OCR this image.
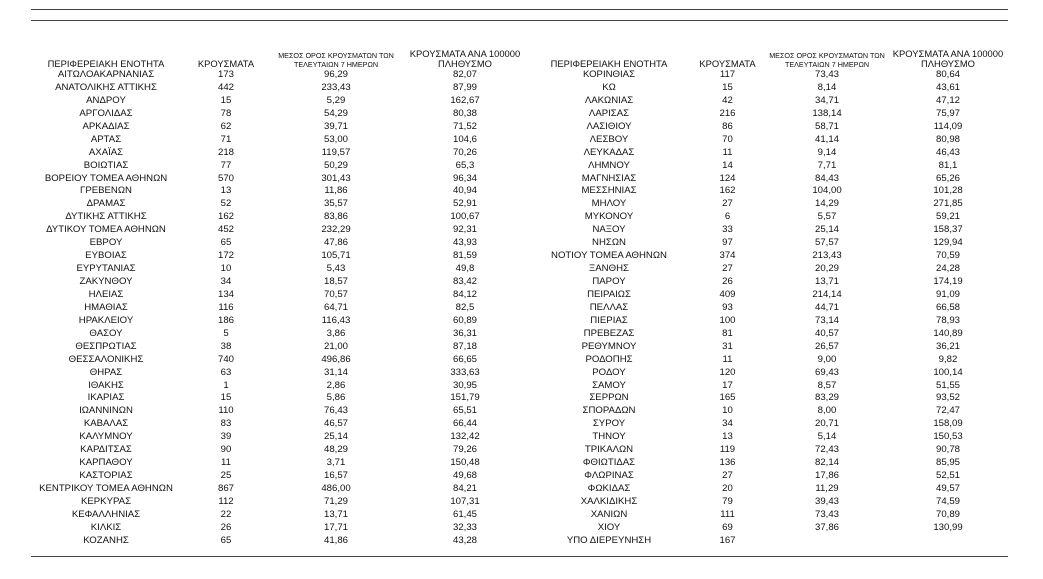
ΠΕΡΙΦΕΡΕΙΑΚΗ ΕΝΟΤΗΤΑ	ΚΡΟΥΣΜΑΤΑ	ΜΕΣΟΣ ΟΡΟΣ ΚΡΟΥΣΜΑΤΩΝ ΤΩΝ ΤΕΛΕΥΤΑΙΩΝ 7 ΗΜΕΡΩΝ	ΚΡΟΥΣΜΑΤΑ ΑΝΑ 100000 ΠΛΗΘΥΣΜΟ
ΑΙΤΩΛΟΑΚΑΡΝΑΝΙΑΣ	173	96,29	82,07
ΑΝΑΤΟΛΙΚΗΣ ΑΤΤΙΚΗΣ	442	233,43	87,99
ΑΝΔΡΟΥ	15	5,29	162,67
ΑΡΓΟΛΙΔΑΣ	78	54,29	80,38
ΑΡΚΑΔΙΑΣ	62	39,71	71,52
ΑΡΤΑΣ	71	53,00	104,6
ΑΧΑΪΑΣ	218	119,57	70,26
ΒΟΙΩΤΙΑΣ	77	50,29	65,3
ΒΟΡΕΙΟΥ ΤΟΜΕΑ ΑΘΗΝΩΝ	570	301,43	96,34
ΓΡΕΒΕΝΩΝ	13	11,86	40,94
ΔΡΑΜΑΣ	52	35,57	52,91
ΔΥΤΙΚΗΣ ΑΤΤΙΚΗΣ	162	83,86	100,67
ΔΥΤΙΚΟΥ ΤΟΜΕΑ ΑΘΗΝΩΝ	452	232,29	92,31
ΕΒΡΟΥ	65	47,86	43,93
ΕΥΒΟΙΑΣ	172	105,71	81,59
ΕΥΡΥΤΑΝΙΑΣ	10	5,43	49,8
ΖΑΚΥΝΘΟΥ	34	18,57	83,42
ΗΛΕΙΑΣ	134	70,57	84,12
ΗΜΑΘΙΑΣ	116	64,71	82,5
ΗΡΑΚΛΕΙΟΥ	186	116,43	60,89
ΘΑΣΟΥ	5	3,86	36,31
ΘΕΣΠΡΩΤΙΑΣ	38	21,00	87,18
ΘΕΣΣΑΛΟΝΙΚΗΣ	740	496,86	66,65
ΘΗΡΑΣ	63	31,14	333,63
ΙΘΑΚΗΣ	1	2,86	30,95
ΙΚΑΡΙΑΣ	15	5,86	151,79
ΙΩΑΝΝΙΝΩΝ	110	76,43	65,51
ΚΑΒΑΛΑΣ	83	46,57	66,44
ΚΑΛΥΜΝΟΥ	39	25,14	132,42
ΚΑΡΔΙΤΣΑΣ	90	48,29	79,26
ΚΑΡΠΑΘΟΥ	11	3,71	150,48
ΚΑΣΤΟΡΙΑΣ	25	16,57	49,68
ΚΕΝΤΡΙΚΟΥ ΤΟΜΕΑ ΑΘΗΝΩΝ	867	486,00	84,21
ΚΕΡΚΥΡΑΣ	112	71,29	107,31
ΚΕΦΑΛΛΗΝΙΑΣ	22	13,71	61,45
ΚΙΛΚΙΣ	26	17,71	32,33
ΚΟΖΑΝΗΣ	65	41,86	43,28
ΠΕΡΙΦΕΡΕΙΑΚΗ ΕΝΟΤΗΤΑ	ΚΡΟΥΣΜΑΤΑ	ΜΕΣΟΣ ΟΡΟΣ ΚΡΟΥΣΜΑΤΩΝ ΤΩΝ ΤΕΛΕΥΤΑΙΩΝ 7 ΗΜΕΡΩΝ	ΚΡΟΥΣΜΑΤΑ ΑΝΑ 100000 ΠΛΗΘΥΣΜΟ
ΚΟΡΙΝΘΙΑΣ	117	73,43	80,64
ΚΩ	15	8,14	43,61
ΛΑΚΩΝΙΑΣ	42	34,71	47,12
ΛΑΡΙΣΑΣ	216	138,14	75,97
ΛΑΣΙΘΙΟΥ	86	58,71	114,09
ΛΕΣΒΟΥ	70	41,14	80,98
ΛΕΥΚΑΔΑΣ	11	9,14	46,43
ΛΗΜΝΟΥ	14	7,71	81,1
ΜΑΓΝΗΣΙΑΣ	124	84,43	65,26
ΜΕΣΣΗΝΙΑΣ	162	104,00	101,28
ΜΗΛΟΥ	27	14,29	271,85
ΜΥΚΟΝΟΥ	6	5,57	59,21
ΝΑΞΟΥ	33	25,14	158,37
ΝΗΣΩΝ	97	57,57	129,94
ΝΟΤΙΟΥ ΤΟΜΕΑ ΑΘΗΝΩΝ	374	213,43	70,59
ΞΑΝΘΗΣ	27	20,29	24,28
ΠΑΡΟΥ	26	13,71	174,19
ΠΕΙΡΑΙΩΣ	409	214,14	91,09
ΠΕΛΛΑΣ	93	44,71	66,58
ΠΙΕΡΙΑΣ	100	73,14	78,93
ΠΡΕΒΕΖΑΣ	81	40,57	140,89
ΡΕΘΥΜΝΟΥ	31	26,57	36,21
ΡΟΔΟΠΗΣ	11	9,00	9,82
ΡΟΔΟΥ	120	69,43	100,14
ΣΑΜΟΥ	17	8,57	51,55
ΣΕΡΡΩΝ	165	83,29	93,52
ΣΠΟΡΑΔΩΝ	10	8,00	72,47
ΣΥΡΟΥ	34	20,71	158,09
ΤΗΝΟΥ	13	5,14	150,53
ΤΡΙΚΑΛΩΝ	119	72,43	90,78
ΦΘΙΩΤΙΔΑΣ	136	82,14	85,95
ΦΛΩΡΙΝΑΣ	27	17,86	52,51
ΦΩΚΙΔΑΣ	20	11,29	49,57
ΧΑΛΚΙΔΙΚΗΣ	79	39,43	74,59
ΧΑΝΙΩΝ	111	73,43	70,89
ΧΙΟΥ	69	37,86	130,99
ΥΠΟ ΔΙΕΡΕΥΝΗΣΗ	167		
